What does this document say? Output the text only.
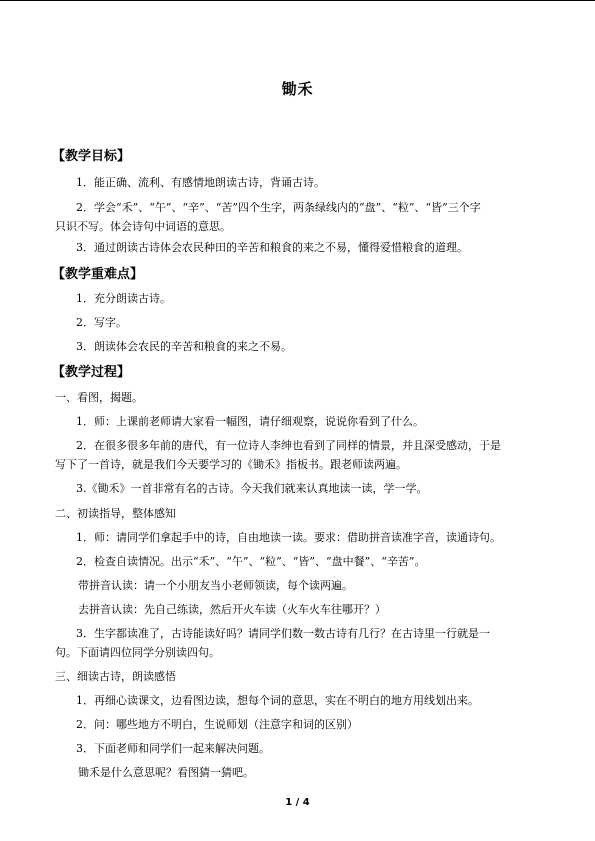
锄禾

【教学目标】

1．能正确、流利、有感情地朗读古诗，背诵古诗。

2．学会“禾”、“午”、“辛”、“苦”四个生字，两条绿线内的“盘”、“粒”、“皆”三个字

只识不写。体会诗句中词语的意思。

3．通过朗读古诗体会农民种田的辛苦和粮食的来之不易，懂得爱惜粮食的道理。

【教学重难点】

1．充分朗读古诗。

2．写字。

3．朗读体会农民的辛苦和粮食的来之不易。

【教学过程】

一、看图，揭题。

1．师：上课前老师请大家看一幅图，请仔细观察，说说你看到了什么。

2．在很多很多年前的唐代，有一位诗人李绅也看到了同样的情景，并且深受感动，于是

写下了一首诗，就是我们今天要学习的《锄禾》指板书。跟老师读两遍。

3.《锄禾》一首非常有名的古诗。今天我们就来认真地读一读，学一学。

二、初读指导，整体感知

1．师：请同学们拿起手中的诗，自由地读一读。要求：借助拼音读准字音，读通诗句。

2．检查自读情况。出示“禾”、“午”、“粒”、“皆”、“盘中餐”、“辛苦”。

带拼音认读：请一个小朋友当小老师领读，每个读两遍。

去拼音认读：先自己练读，然后开火车读（火车火车往哪开？）

3．生字都读准了，古诗能读好吗？请同学们数一数古诗有几行？在古诗里一行就是一

句。下面请四位同学分别读四句。

三、细读古诗，朗读感悟

1．再细心读课文，边看图边读，想每个词的意思，实在不明白的地方用线划出来。

2．问：哪些地方不明白，生说师划（注意字和词的区别）

3．下面老师和同学们一起来解决问题。

锄禾是什么意思呢？看图猜一猜吧。

1 / 4
